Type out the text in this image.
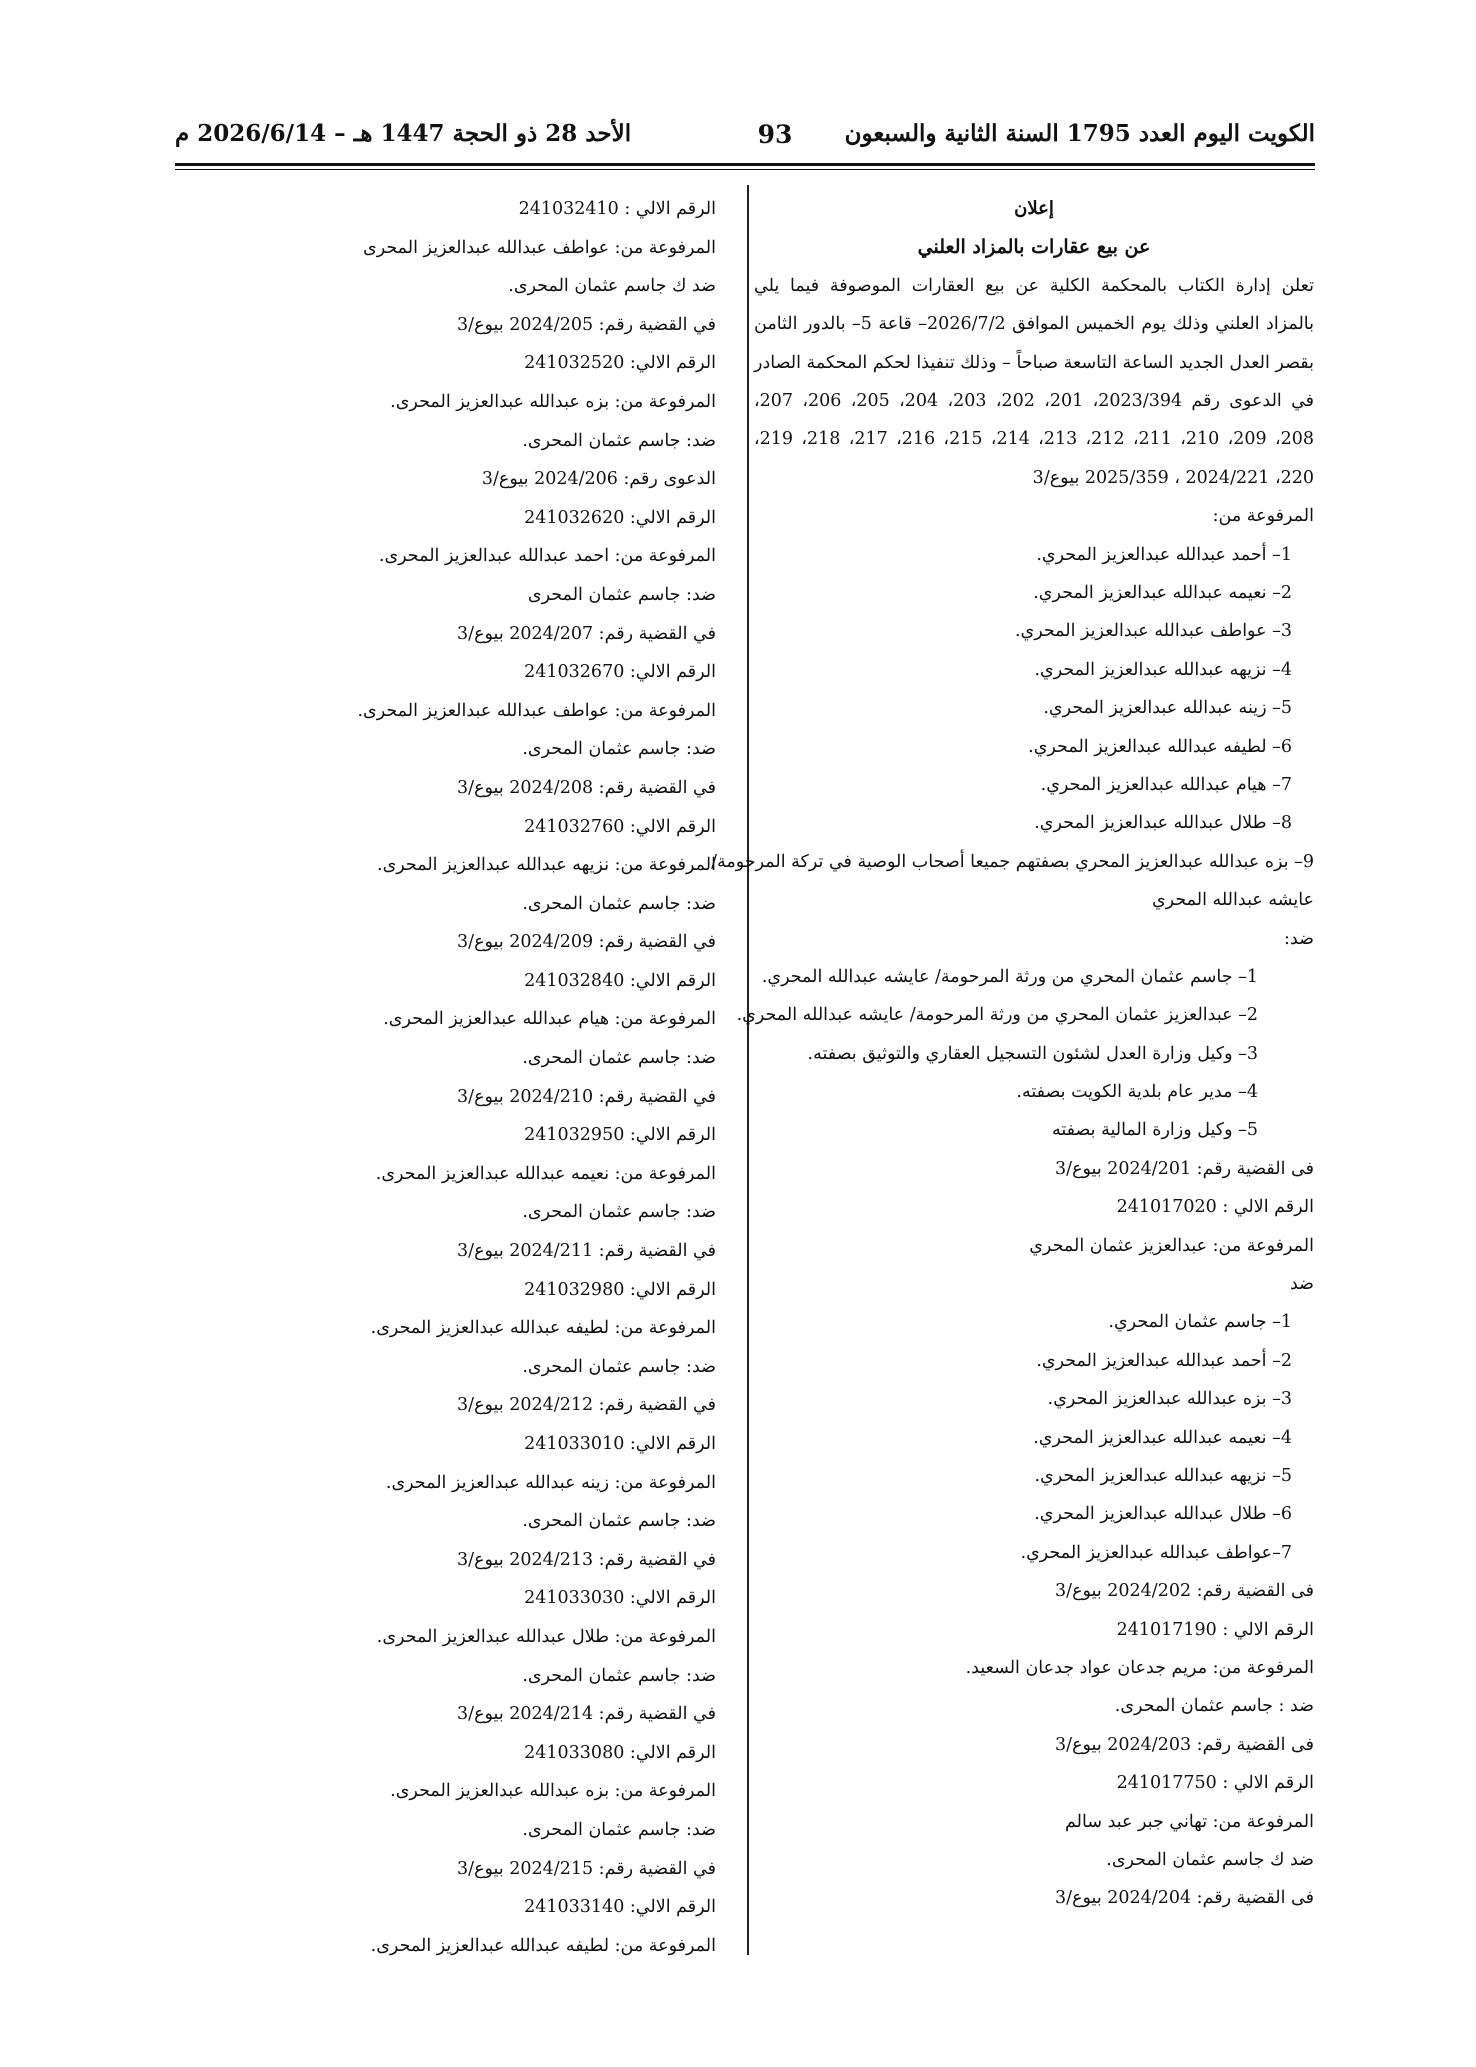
الكويت اليوم العدد 1795 السنة الثانية والسبعون
93
الأحد 28 ذو الحجة 1447 هـ – 2026/6/14 م
إعلان
عن بيع عقارات بالمزاد العلني
تعلن إدارة الكتاب بالمحكمة الكلية عن بيع العقارات الموصوفة فيما يلي بالمزاد العلني وذلك يوم الخميس الموافق 2026/7/2– قاعة 5– بالدور الثامن بقصر العدل الجديد الساعة التاسعة صباحاً – وذلك تنفيذا لحكم المحكمة الصادر في الدعوى رقم 2023/394، 201، 202، 203، 204، 205، 206، 207، 208، 209، 210، 211، 212، 213، 214، 215، 216، 217، 218، 219، 220، 2024/221 ، 2025/359 بيوع/3
المرفوعة من:
1– أحمد عبدالله عبدالعزيز المحري.
2– نعيمه عبدالله عبدالعزيز المحري.
3– عواطف عبدالله عبدالعزيز المحري.
4– نزيهه عبدالله عبدالعزيز المحري.
5– زينه عبدالله عبدالعزيز المحري.
6– لطيفه عبدالله عبدالعزيز المحري.
7– هيام عبدالله عبدالعزيز المحري.
8– طلال عبدالله عبدالعزيز المحري.
9– بزه عبدالله عبدالعزيز المحري بصفتهم جميعا أصحاب الوصية في تركة المرحومة/
عايشه عبدالله المحري
ضد:
1– جاسم عثمان المحري من ورثة المرحومة/ عايشه عبدالله المحري.
2– عبدالعزيز عثمان المحري من ورثة المرحومة/ عايشه عبدالله المحري.
3– وكيل وزارة العدل لشئون التسجيل العقاري والتوثيق بصفته.
4– مدير عام بلدية الكويت بصفته.
5– وكيل وزارة المالية بصفته
فى القضية رقم: 2024/201 بيوع/3
الرقم الالي : 241017020
المرفوعة من: عبدالعزيز عثمان المحري
ضد
1– جاسم عثمان المحري.
2– أحمد عبدالله عبدالعزيز المحري.
3– بزه عبدالله عبدالعزيز المحري.
4– نعيمه عبدالله عبدالعزيز المحري.
5– نزيهه عبدالله عبدالعزيز المحري.
6– طلال عبدالله عبدالعزيز المحري.
7–عواطف عبدالله عبدالعزيز المحري.
فى القضية رقم: 2024/202 بيوع/3
الرقم الالي : 241017190
المرفوعة من: مريم جدعان عواد جدعان السعيد.
ضد : جاسم عثمان المحرى.
فى القضية رقم: 2024/203 بيوع/3
الرقم الالي : 241017750
المرفوعة من: تهاني جبر عبد سالم
ضد ك جاسم عثمان المحرى.
فى القضية رقم: 2024/204 بيوع/3
الرقم الالي : 241032410
المرفوعة من: عواطف عبدالله عبدالعزيز المحرى
ضد ك جاسم عثمان المحرى.
في القضية رقم: 2024/205 بيوع/3
الرقم الالي: 241032520
المرفوعة من: بزه عبدالله عبدالعزيز المحرى.
ضد: جاسم عثمان المحرى.
الدعوى رقم: 2024/206 بيوع/3
الرقم الالي: 241032620
المرفوعة من: احمد عبدالله عبدالعزيز المحرى.
ضد: جاسم عثمان المحرى
في القضية رقم: 2024/207 بيوع/3
الرقم الالي: 241032670
المرفوعة من: عواطف عبدالله عبدالعزيز المحرى.
ضد: جاسم عثمان المحرى.
في القضية رقم: 2024/208 بيوع/3
الرقم الالي: 241032760
المرفوعة من: نزيهه عبدالله عبدالعزيز المحرى.
ضد: جاسم عثمان المحرى.
في القضية رقم: 2024/209 بيوع/3
الرقم الالي: 241032840
المرفوعة من: هيام عبدالله عبدالعزيز المحرى.
ضد: جاسم عثمان المحرى.
في القضية رقم: 2024/210 بيوع/3
الرقم الالي: 241032950
المرفوعة من: نعيمه عبدالله عبدالعزيز المحرى.
ضد: جاسم عثمان المحرى.
في القضية رقم: 2024/211 بيوع/3
الرقم الالي: 241032980
المرفوعة من: لطيفه عبدالله عبدالعزيز المحرى.
ضد: جاسم عثمان المحرى.
في القضية رقم: 2024/212 بيوع/3
الرقم الالي: 241033010
المرفوعة من: زينه عبدالله عبدالعزيز المحرى.
ضد: جاسم عثمان المحرى.
في القضية رقم: 2024/213 بيوع/3
الرقم الالي: 241033030
المرفوعة من: طلال عبدالله عبدالعزيز المحرى.
ضد: جاسم عثمان المحرى.
في القضية رقم: 2024/214 بيوع/3
الرقم الالي: 241033080
المرفوعة من: بزه عبدالله عبدالعزيز المحرى.
ضد: جاسم عثمان المحرى.
في القضية رقم: 2024/215 بيوع/3
الرقم الالي: 241033140
المرفوعة من: لطيفه عبدالله عبدالعزيز المحرى.
